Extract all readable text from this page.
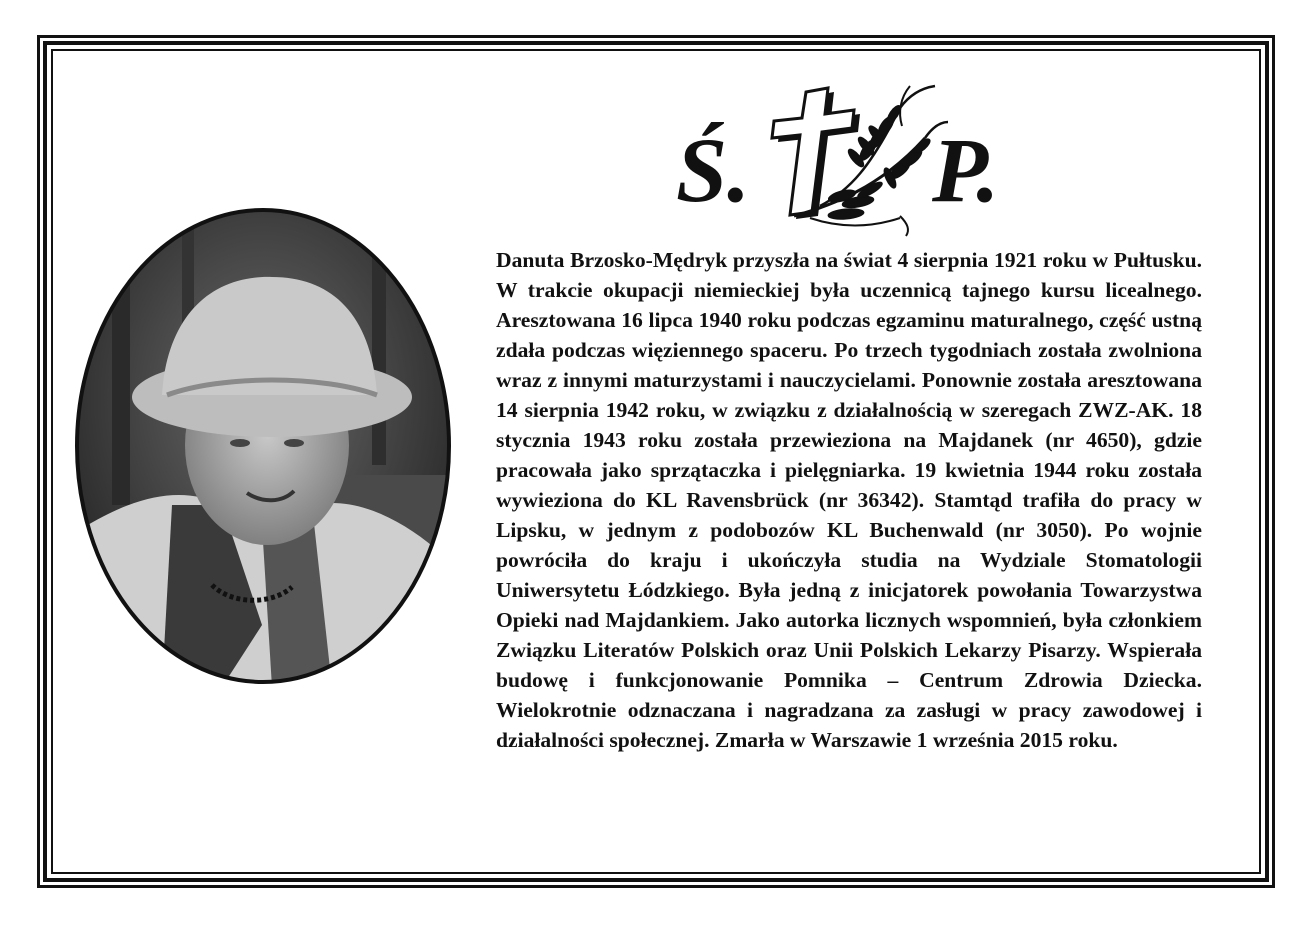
Ś. P.

Danuta Brzosko-Mędryk przyszła na świat 4 sierpnia 1921 roku w Pułtusku. W trakcie okupacji niemieckiej była uczennicą tajnego kursu licealnego. Aresztowana 16 lipca 1940 roku podczas egzaminu maturalnego, część ustną zdała podczas więziennego spaceru. Po trzech tygodniach została zwolniona wraz z innymi maturzystami i nauczycielami. Ponownie została aresztowana 14 sierpnia 1942 roku, w związku z działalnością w szeregach ZWZ-AK. 18 stycznia 1943 roku została przewieziona na Majdanek (nr 4650), gdzie pracowała jako sprzątaczka i pielęgniarka. 19 kwietnia 1944 roku została wywieziona do KL Ravensbrück (nr 36342). Stamtąd trafiła do pracy w Lipsku, w jednym z podobozów KL Buchenwald (nr 3050). Po wojnie powróciła do kraju i ukończyła studia na Wydziale Stomatologii Uniwersytetu Łódzkiego. Była jedną z inicjatorek powołania Towarzystwa Opieki nad Majdankiem. Jako autorka licznych wspomnień, była członkiem Związku Literatów Polskich oraz Unii Polskich Lekarzy Pisarzy. Wspierała budowę i funkcjonowanie Pomnika – Centrum Zdrowia Dziecka. Wielokrotnie odznaczana i nagradzana za zasługi w pracy zawodowej i działalności społecznej. Zmarła w Warszawie 1 września 2015 roku.
